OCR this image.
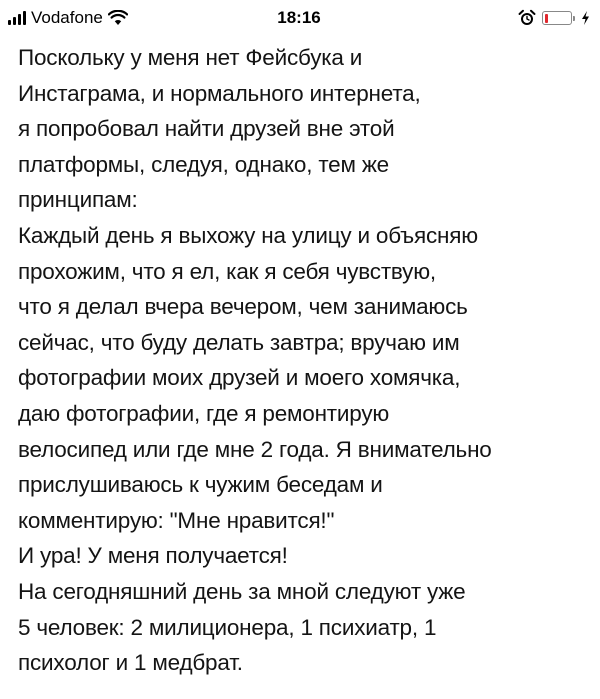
Vodafone	18:16
Поскольку у меня нет Фейсбука и
Инстаграма, и нормального интернета,
я попробовал найти друзей вне этой
платформы, следуя, однако, тем же
принципам:
Каждый день я выхожу на улицу и объясняю
прохожим, что я ел, как я себя чувствую,
что я делал вчера вечером, чем занимаюсь
сейчас, что буду делать завтра; вручаю им
фотографии моих друзей и моего хомячка,
даю фотографии, где я ремонтирую
велосипед или где мне 2 года. Я внимательно
прислушиваюсь к чужим беседам и
комментирую: "Мне нравится!"
И ура! У меня получается!
На сегодняшний день за мной следуют уже
5 человек: 2 милиционера, 1 психиатр, 1
психолог и 1 медбрат.
